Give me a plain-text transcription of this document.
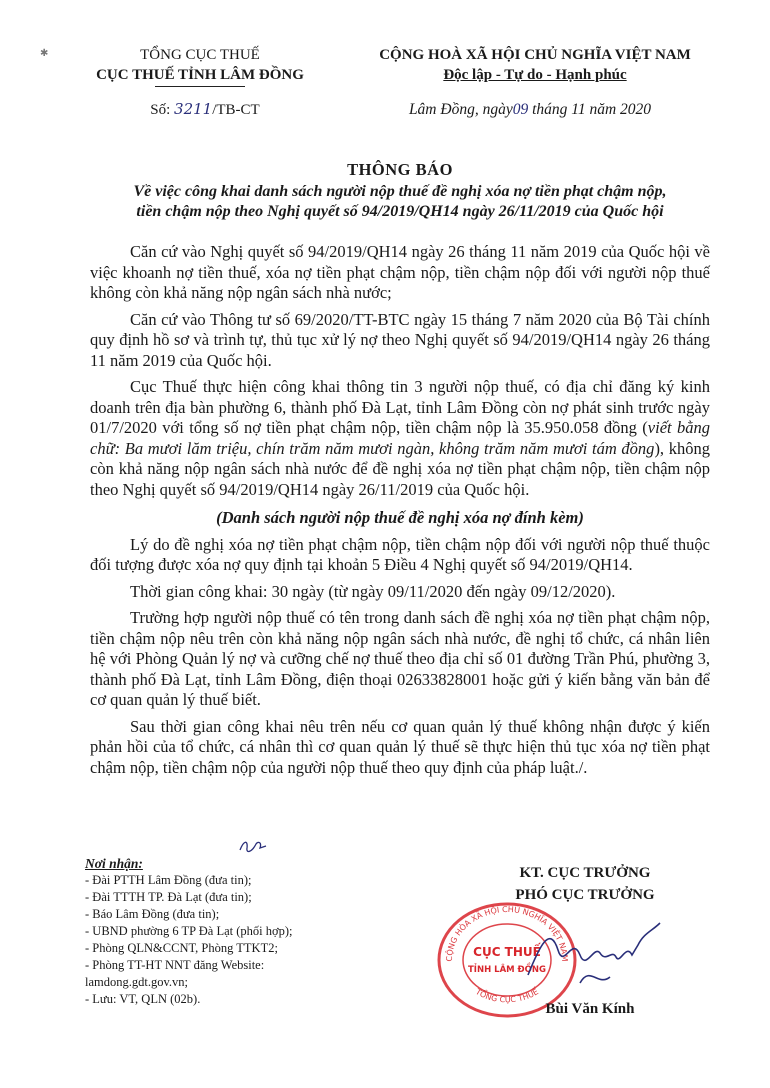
✱	TỔNG CỤC THUẾ
CỤC THUẾ TỈNH LÂM ĐỒNG
CỘNG HOÀ XÃ HỘI CHỦ NGHĨA VIỆT NAM
Độc lập - Tự do - Hạnh phúc
Số: 3211/TB-CT	Lâm Đồng, ngày09 tháng 11 năm 2020
THÔNG BÁO
Về việc công khai danh sách người nộp thuế đề nghị xóa nợ tiền phạt chậm nộp,
tiền chậm nộp theo Nghị quyết số 94/2019/QH14 ngày 26/11/2019 của Quốc hội

Căn cứ vào Nghị quyết số 94/2019/QH14 ngày 26 tháng 11 năm 2019 của Quốc hội về việc khoanh nợ tiền thuế, xóa nợ tiền phạt chậm nộp, tiền chậm nộp đối với người nộp thuế không còn khả năng nộp ngân sách nhà nước;

Căn cứ vào Thông tư số 69/2020/TT-BTC ngày 15 tháng 7 năm 2020 của Bộ Tài chính quy định hồ sơ và trình tự, thủ tục xử lý nợ theo Nghị quyết số 94/2019/QH14 ngày 26 tháng 11 năm 2019 của Quốc hội.

Cục Thuế thực hiện công khai thông tin 3 người nộp thuế, có địa chỉ đăng ký kinh doanh trên địa bàn phường 6, thành phố Đà Lạt, tỉnh Lâm Đồng còn nợ phát sinh trước ngày 01/7/2020 với tổng số nợ tiền phạt chậm nộp, tiền chậm nộp là 35.950.058 đồng (viết bằng chữ: Ba mươi lăm triệu, chín trăm năm mươi ngàn, không trăm năm mươi tám đồng), không còn khả năng nộp ngân sách nhà nước để đề nghị xóa nợ tiền phạt chậm nộp, tiền chậm nộp theo Nghị quyết số 94/2019/QH14 ngày 26/11/2019 của Quốc hội.

(Danh sách người nộp thuế đề nghị xóa nợ đính kèm)

Lý do đề nghị xóa nợ tiền phạt chậm nộp, tiền chậm nộp đối với người nộp thuế thuộc đối tượng được xóa nợ quy định tại khoản 5 Điều 4 Nghị quyết số 94/2019/QH14.

Thời gian công khai: 30 ngày (từ ngày 09/11/2020 đến ngày 09/12/2020).

Trường hợp người nộp thuế có tên trong danh sách đề nghị xóa nợ tiền phạt chậm nộp, tiền chậm nộp nêu trên còn khả năng nộp ngân sách nhà nước, đề nghị tổ chức, cá nhân liên hệ với Phòng Quản lý nợ và cưỡng chế nợ thuế theo địa chỉ số 01 đường Trần Phú, phường 3, thành phố Đà Lạt, tỉnh Lâm Đồng, điện thoại 02633828001 hoặc gửi ý kiến bằng văn bản để cơ quan quản lý thuế biết.

Sau thời gian công khai nêu trên nếu cơ quan quản lý thuế không nhận được ý kiến phản hồi của tổ chức, cá nhân thì cơ quan quản lý thuế sẽ thực hiện thủ tục xóa nợ tiền phạt chậm nộp, tiền chậm nộp của người nộp thuế theo quy định của pháp luật./.

Nơi nhận:
- Đài PTTH Lâm Đồng (đưa tin);
- Đài TTTH TP. Đà Lạt (đưa tin);
- Báo Lâm Đồng (đưa tin);
- UBND phường 6 TP Đà Lạt (phối hợp);
- Phòng QLN&CCNT, Phòng TTKT2;
- Phòng TT-HT NNT đăng Website:
lamdong.gdt.gov.vn;
- Lưu: VT, QLN (02b).
KT. CỤC TRƯỞNG
PHÓ CỤC TRƯỞNG
CỘNG HÒA XÃ HỘI CHỦ NGHĨA VIỆT NAM
TỔNG CỤC THUẾ
CỤC THUẾ
TỈNH LÂM ĐỒNG
Bùi Văn Kính
